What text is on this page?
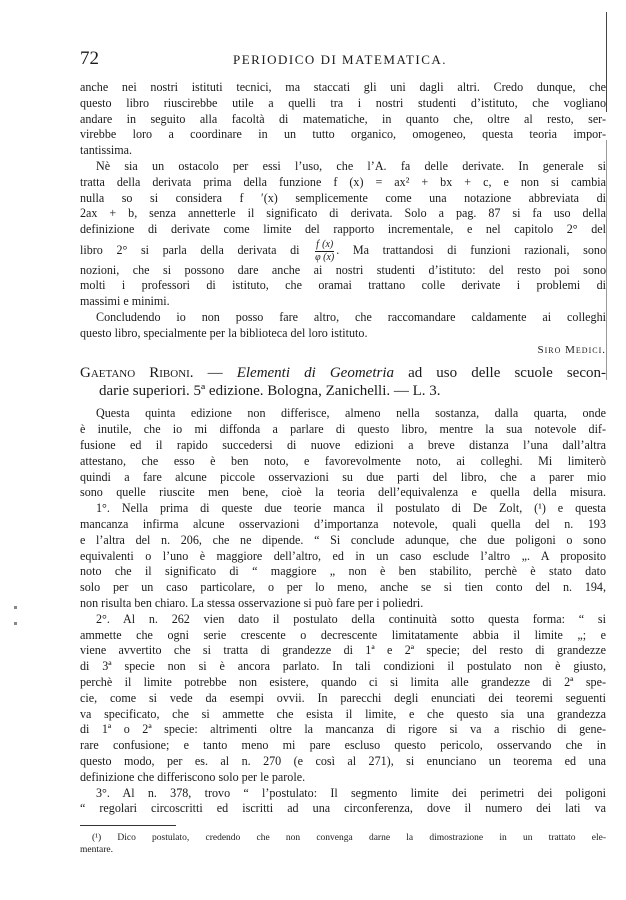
72	PERIODICO DI MATEMATICA.
anche nei nostri istituti tecnici, ma staccati gli uni dagli altri. Credo dunque, che
questo libro riuscirebbe utile a quelli tra i nostri studenti d’istituto, che vogliano
andare in seguito alla facoltà di matematiche, in quanto che, oltre al resto, ser-
virebbe loro a coordinare in un tutto organico, omogeneo, questa teoria impor-
tantissima.
Nè sia un ostacolo per essi l’uso, che l’A. fa delle derivate. In generale si
tratta della derivata prima della funzione f (x) = ax² + bx + c, e non si cambia
nulla so si considera f ′(x) semplicemente come una notazione abbreviata di
2ax + b, senza annetterle il significato di derivata. Solo a pag. 87 si fa uso della
definizione di derivate come limite del rapporto incrementale, e nel capitolo 2° del
libro 2° si parla della derivata di $\frac{f (x)}{\varphi (x)}$ . Ma trattandosi di funzioni razionali, sono
nozioni, che si possono dare anche ai nostri studenti d’istituto: del resto poi sono
molti i professori di istituto, che oramai trattano colle derivate i problemi di
massimi e minimi.
Concludendo io non posso fare altro, che raccomandare caldamente ai colleghi
questo libro, specialmente per la biblioteca del loro istituto.
Siro Medici.
Gaetano Riboni. — Elementi di Geometria ad uso delle scuole secon-
darie superiori. 5ª edizione. Bologna, Zanichelli. — L. 3.
Questa quinta edizione non differisce, almeno nella sostanza, dalla quarta, onde
è inutile, che io mi diffonda a parlare di questo libro, mentre la sua notevole dif-
fusione ed il rapido succedersi di nuove edizioni a breve distanza l’una dall’altra
attestano, che esso è ben noto, e favorevolmente noto, ai colleghi. Mi limiterò
quindi a fare alcune piccole osservazioni su due parti del libro, che a parer mio
sono quelle riuscite men bene, cioè la teoria dell’equivalenza e quella della misura.
1°. Nella prima di queste due teorie manca il postulato di De Zolt, (¹) e questa
mancanza infirma alcune osservazioni d’importanza notevole, quali quella del n. 193
e l’altra del n. 206, che ne dipende. “ Si conclude adunque, che due poligoni o sono
equivalenti o l’uno è maggiore dell’altro, ed in un caso esclude l’altro „. A proposito
noto che il significato di “ maggiore „ non è ben stabilito, perchè è stato dato
solo per un caso particolare, o per lo meno, anche se si tien conto del n. 194,
non risulta ben chiaro. La stessa osservazione si può fare per i poliedri.
2°. Al n. 262 vien dato il postulato della continuità sotto questa forma: “ si
ammette che ogni serie crescente o decrescente limitatamente abbia il limite „; e
viene avvertito che si tratta di grandezze di 1ª e 2ª specie; del resto di grandezze
di 3ª specie non si è ancora parlato. In tali condizioni il postulato non è giusto,
perchè il limite potrebbe non esistere, quando ci si limita alle grandezze di 2ª spe-
cie, come si vede da esempi ovvii. In parecchi degli enunciati dei teoremi seguenti
va specificato, che si ammette che esista il limite, e che questo sia una grandezza
di 1ª o 2ª specie: altrimenti oltre la mancanza di rigore si va a rischio di gene-
rare confusione; e tanto meno mi pare escluso questo pericolo, osservando che in
questo modo, per es. al n. 270 (e così al 271), si enunciano un teorema ed una
definizione che differiscono solo per le parole.
3°. Al n. 378, trovo “ l’postulato: Il segmento limite dei perimetri dei poligoni
“ regolari circoscritti ed iscritti ad una circonferenza, dove il numero dei lati va
(¹) Dico postulato, credendo che non convenga darne la dimostrazione in un trattato ele-
mentare.
